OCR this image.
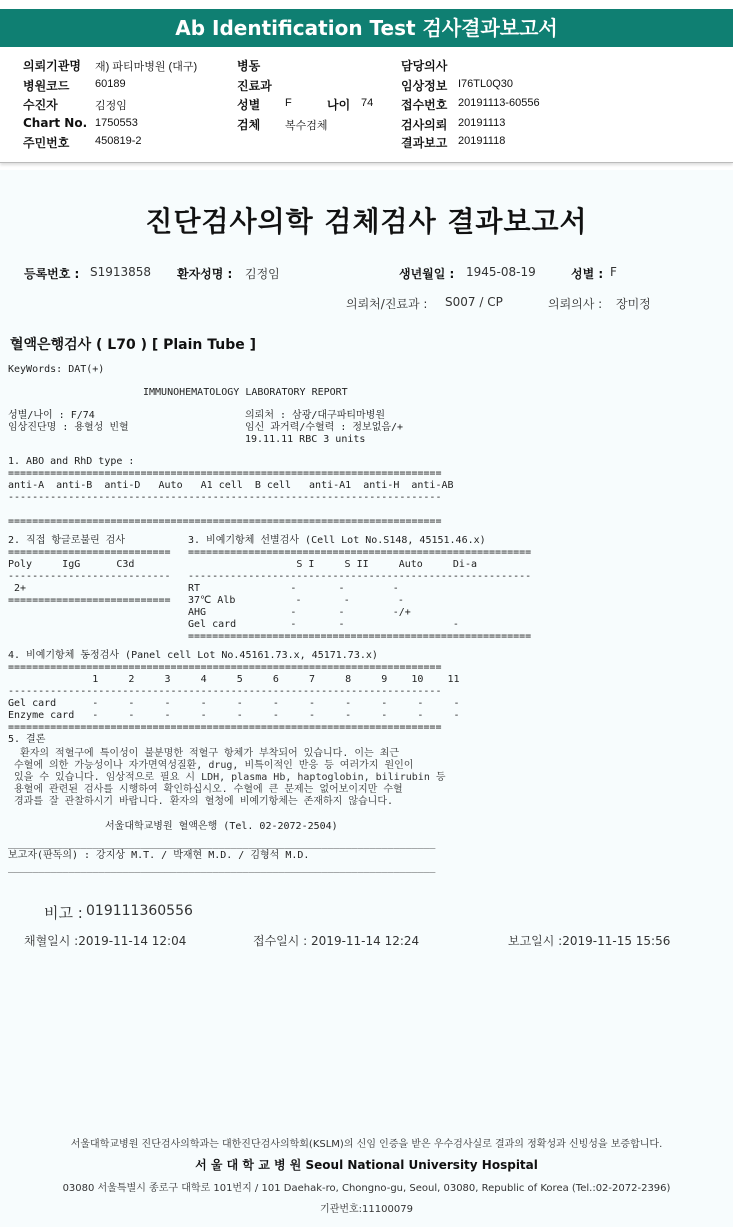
Ab Identification Test 검사결과보고서
의뢰기관명 재) 파티마병원 (대구)
병원코드 60189
수진자	김정임
Chart No. 1750553
주민번호 450819-2
병동
진료과
성별 F	나이 74
검체 복수검체
담당의사
임상정보 I76TL0Q30
접수번호 20191113-60556
검사의뢰 20191113
결과보고 20191118
진단검사의학 검체검사 결과보고서
등록번호 : S1913858 환자성명 : 김정임	생년월일 : 1945-08-19	성별 : F
의뢰처/진료과 : S007 / CP	의뢰의사 : 장미정
혈액은행검사 ( L70 ) [ Plain Tube ]
KeyWords: DAT(+)
IMMUNOHEMATOLOGY LABORATORY REPORT
성별/나이 : F/74
임상진단명 : 용혈성 빈혈
의뢰처 : 삼광/대구파티마병원
임신 과거력/수혈력 : 정보없음/+
19.11.11 RBC 3 units
1. ABO and RhD type :
========================================================================
anti-A  anti-B  anti-D   Auto   A1 cell  B cell   anti-A1  anti-H  anti-AB
------------------------------------------------------------------------

========================================================================
2. 직접 항글로불린 검사
===========================
Poly     IgG      C3d
---------------------------
2+
===========================
3. 비예기항체 선별검사 (Cell Lot No.S148, 45151.46.x)
=========================================================
S I     S II     Auto     Di-a
---------------------------------------------------------
RT               -       -        -
37℃ Alb          -       -        -
AHG              -       -        -/+
Gel card         -       -                  -
=========================================================
4. 비예기항체 동정검사 (Panel cell Lot No.45161.73.x, 45171.73.x)
========================================================================
1     2     3     4     5     6     7     8     9    10    11
------------------------------------------------------------------------
Gel card      -     -     -     -     -     -     -     -     -     -     -
Enzyme card   -     -     -     -     -     -     -     -     -     -     -
========================================================================
5. 결론
환자의 적혈구에 특이성이 불분명한 적혈구 항체가 부착되어 있습니다. 이는 최근
수혈에 의한 가능성이나 자가면역성질환, drug, 비특이적인 반응 등 여러가지 원인이
있을 수 있습니다. 임상적으로 필요 시 LDH, plasma Hb, haptoglobin, bilirubin 등
용혈에 관련된 검사를 시행하여 확인하십시오. 수혈에 큰 문제는 없어보이지만 수혈
경과를 잘 관찰하시기 바랍니다. 환자의 혈청에 비예기항체는 존재하지 않습니다.
서울대학교병원 혈액은행 (Tel. 02-2072-2504)
_______________________________________________________________________
보고자(판독의) : 강지상 M.T. / 박재현 M.D. / 김형석 M.D.
_______________________________________________________________________
비고 : 019111360556
채혈일시 :2019-11-14 12:04	접수일시 : 2019-11-14 12:24	보고일시 :2019-11-15 15:56
서울대학교병원 진단검사의학과는 대한진단검사의학회(KSLM)의 신임 인증을 받은 우수검사실로 결과의 정확성과 신빙성을 보증합니다.
서 울 대 학 교 병 원 Seoul National University Hospital
03080 서울특별시 종로구 대학로 101번지 / 101 Daehak-ro, Chongno-gu, Seoul, 03080, Republic of Korea (Tel.:02-2072-2396)
기관번호:11100079
